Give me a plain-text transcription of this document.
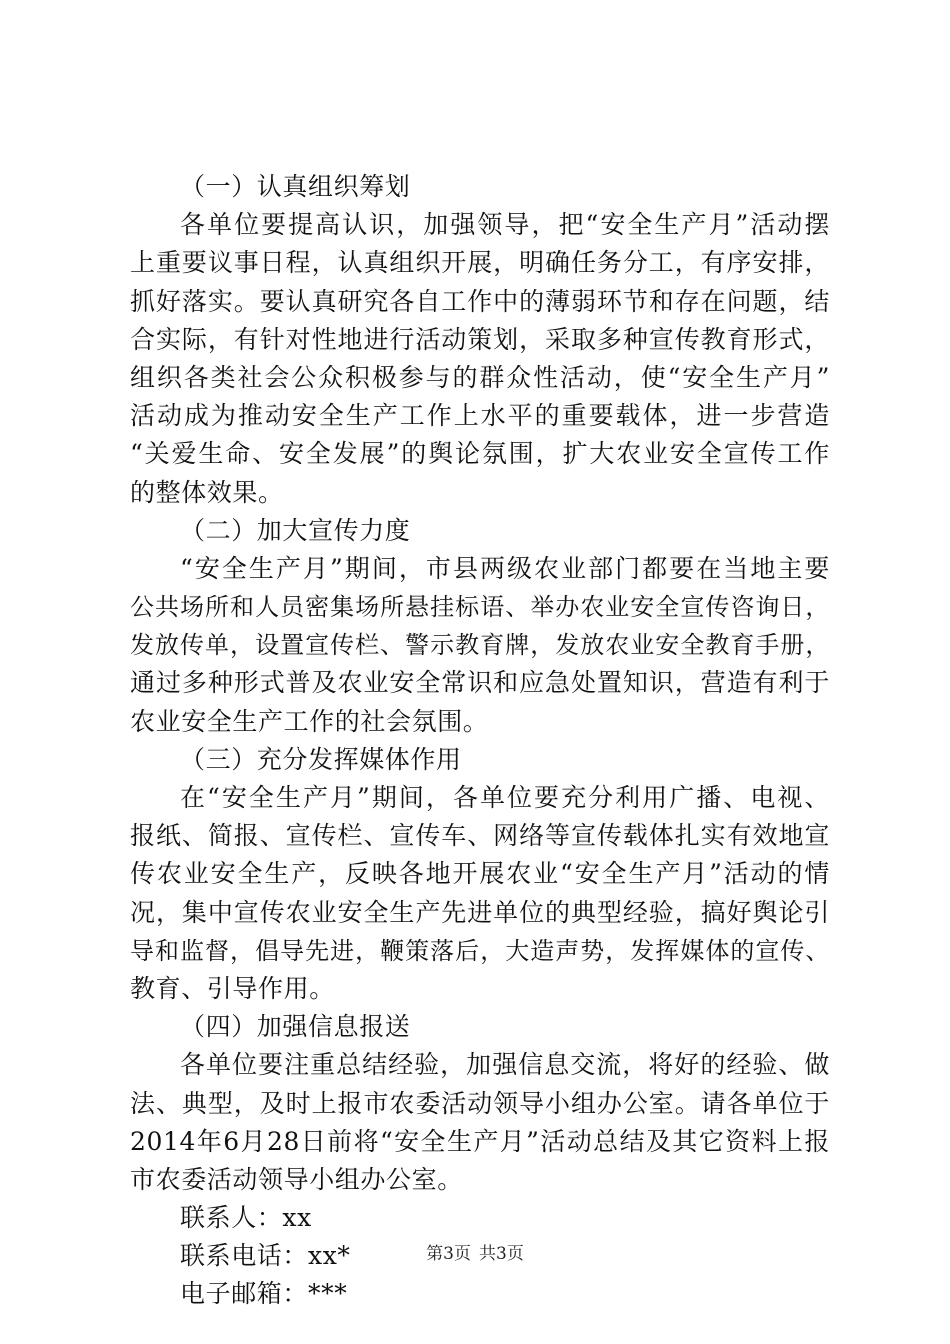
（一）认真组织筹划
各单位要提高认识，加强领导，把“安全生产月”活动摆
上重要议事日程，认真组织开展，明确任务分工，有序安排，
抓好落实。要认真研究各自工作中的薄弱环节和存在问题，结
合实际，有针对性地进行活动策划，采取多种宣传教育形式，
组织各类社会公众积极参与的群众性活动，使“安全生产月”
活动成为推动安全生产工作上水平的重要载体，进一步营造
“关爱生命、安全发展”的舆论氛围，扩大农业安全宣传工作
的整体效果。
（二）加大宣传力度
“安全生产月”期间，市县两级农业部门都要在当地主要
公共场所和人员密集场所悬挂标语、举办农业安全宣传咨询日，
发放传单，设置宣传栏、警示教育牌，发放农业安全教育手册，
通过多种形式普及农业安全常识和应急处置知识，营造有利于
农业安全生产工作的社会氛围。
（三）充分发挥媒体作用
在“安全生产月”期间，各单位要充分利用广播、电视、
报纸、简报、宣传栏、宣传车、网络等宣传载体扎实有效地宣
传农业安全生产，反映各地开展农业“安全生产月”活动的情
况，集中宣传农业安全生产先进单位的典型经验，搞好舆论引
导和监督，倡导先进，鞭策落后，大造声势，发挥媒体的宣传、
教育、引导作用。
（四）加强信息报送
各单位要注重总结经验，加强信息交流，将好的经验、做
法、典型，及时上报市农委活动领导小组办公室。请各单位于
2014年6月28日前将“安全生产月”活动总结及其它资料上报
市农委活动领导小组办公室。
联系人：xx
联系电话：xx*
电子邮箱：***
第3页 共3页
